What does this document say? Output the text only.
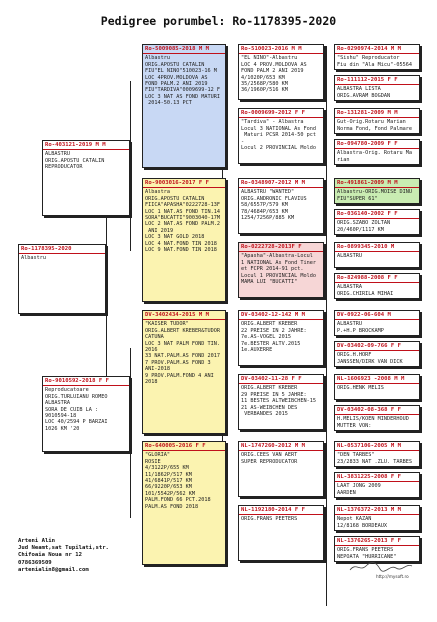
Pedigree porumbel: Ro-1178395-2020
Ro-1178395-2020
Albastru
Ro-403121-2019 M M
ALBASTRU
ORIG.APOSTU CATALIN
REPRODUCATOR
Ro-9010592-2018 F F
Reproducatoare
ORIG.TURLUIANU ROMEO
ALBASTRA
SORA DE CUIB LA :
9010594-18
LOC 40/2594 P BARZAI
1026 KM '20
Ro-5009085-2018 M M
Albastru
ORIG.APOSTU CATALIN
FIU"EL NINO"510023-16 M
LOC 4PROV.MOLDOVA AS
FOND PALM.2 ANI 2019
FIU"TARDIVA"0009699-12 F
LOC 3 NAT AS FOND MATURI
2014-50.13 PCT
Ro-9003016-2017 F F
Albastra
ORIG.APOSTU CATALIN
FIICA"APASHA"0222728-13F
LOC 1 NAT.AS FOND TIN.14
SORA"BUCATTI"9003040-17M
LOC 2 NAT.AS FOND PALM.2
ANI 2019
LOC 3 NAT GOLD 2018
LOC 4 NAT.FOND TIN 2018
LOC 9 NAT.FOND TIN 2018
DV-3402434-2015 M M
"KAISER TUDOR"
ORIG.ALBERT KREBER&TUDOR
CATUNA
LOC 3 NAT PALM FOND TIN.
2016
33 NAT.PALM.AS FOND 2017
7 PROV.PALM.AS FOND 3
ANI-2018
9 PROV.PALM.FOND 4 ANI
2018
Ro-640005-2016 F F
"GLORIA"
ROSIE
4/3122P/655 KM
11/1862P/517 KM
41/6841P/517 KM
66/9220P/653 KM
101/5542P/562 KM
PALM.FOND 66 PCT.2018
PALM.AS FOND 2018
Ro-510023-2016 M M
"EL NINO"-Albastru
LOC 4 PROV.MOLDOVA AS
FOND PALM 2 ANI 2019
4/1020P/653 KM
35/2568P/580 KM
36/1960P/516 KM
Ro-0009699-2012 F F
"Tardiva" - Albastra
Locul 3 NATIONAL As Fond
Maturi PCSR 2014-50 pct
-
Locul 2 PROVINCIAL Moldo
Ro-0348907-2012 M M
ALBASTRU "WANTED"
ORIG.ANDRONIC FLAVIUS
58/6557P/579 KM
78/4684P/653 KM
1254/7256P/885 KM
Ro-0222728-2013F F
"Apasha"-Albastra-Locul
1 NATIONAL As Fond Tiner
et FCPR 2014-91 pct.
Locul 1 PROVINCIAL Moldo
MAMA LUI "BUCATTI"
DV-03402-12-142 M M
ORIG.ALBERT KREBER
22 PREISE IN 2 JAHRE:
7e.AS-VOGEL 2015
7e.BESTER ALTV.2015
1e.AUXERRE
DV-03402-11-28 F F
ORIG.ALBERT KREBER
29 PREISE IN 5 JAHRE:
11 BESTES ALTWEIBCHEN-15
21 AS-WEIBCHEN DES
VERBANDES 2015
NL-1747260-2012 M M
ORIG.CEES VAN AERT
SUPER REPRODUCATOR
NL-1192180-2014 F F
ORIG.FRANS PEETERS
Ro-0290974-2014 M M
"Sishu" Reproducator
Fiu din "Ala Micu"-05564
Ro-111112-2015 F F
ALBASTRA LISTA
ORIG.AVRAM BOGDAN
Ro-131281-2009 M M
Gut-Orig.Rotaru Marian
Norma Fond, Fond Palmare
Ro-094780-2009 F F
Albastra-Orig. Rotaru Ma
rian
Ro-491861-2009 M M
Albastru-ORIG.MOISE DINU
FIU"SUPER 61"
Ro-036140-2002 F F
ORIG.SZABO ZOLTAN
20/460P/1117 KM
Ro-0899345-2010 M
ALBASTRU
Ro-824988-2008 F F
ALBASTRA
ORIG.CHIRILA MIHAI
DV-0922-06-604 M
ALBASTRU
P.+H.P BROCKAMP
DV-03402-09-766 F F
ORIG.H.HORF
JANSSEN/DIRK VAN DICK
NL-1606923 -2008 M M
ORIG.HENK MELIS
DV-03402-08-368 F F
H.MELIS/KOEN MINDERHOUD
MUTTER VON:
NL-0537106-2005 M M
"DEN TARBES"
23/2833 NAT .ZLU. TARBES
NL-3831225-2008 F F
LAAT JONG 2009
AARDEN
NL-1376372-2013 M M
Nepot KAZAN
12/8168 BORDEAUX
NL-1376265-2013 F F
ORIG.FRANS PEETERS
NEPOATA "HURRICANE"
Arteni Alin
Jud Neamt,sat Tupilati,str.
Chifoaia Noua nr 12
0786369509
artenialin8@gmail.com
http://mysoft.ro
